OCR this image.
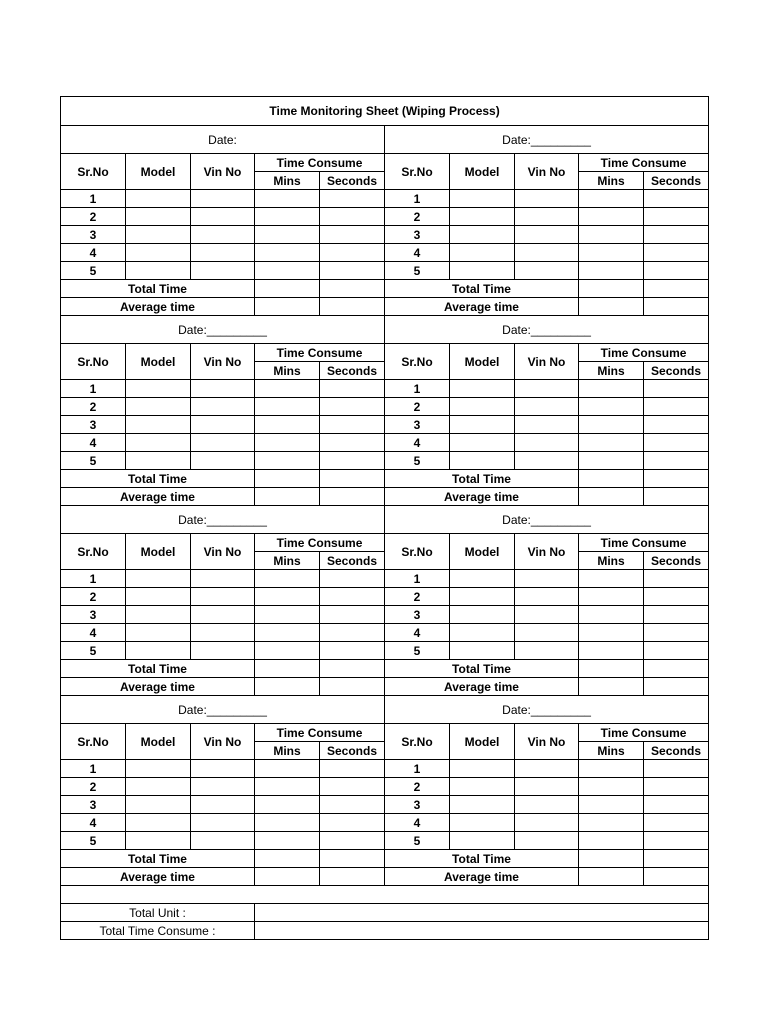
Time Monitoring Sheet (Wiping Process)									
Date:					Date:_________				
Sr.No	Model	Vin No	Time Consume		Sr.No	Model	Vin No	Time Consume	
			Mins	Seconds				Mins	Seconds
1					1				
2					2				
3					3				
4					4				
5					5				
Total Time					Total Time				
Average time					Average time				
Date:_________					Date:_________				
Sr.No	Model	Vin No	Time Consume		Sr.No	Model	Vin No	Time Consume	
			Mins	Seconds				Mins	Seconds
1					1				
2					2				
3					3				
4					4				
5					5				
Total Time					Total Time				
Average time					Average time				
Date:_________					Date:_________				
Sr.No	Model	Vin No	Time Consume		Sr.No	Model	Vin No	Time Consume	
			Mins	Seconds				Mins	Seconds
1					1				
2					2				
3					3				
4					4				
5					5				
Total Time					Total Time				
Average time					Average time				
Date:_________					Date:_________				
Sr.No	Model	Vin No	Time Consume		Sr.No	Model	Vin No	Time Consume	
			Mins	Seconds				Mins	Seconds
1					1				
2					2				
3					3				
4					4				
5					5				
Total Time					Total Time				
Average time					Average time				

Total Unit :									
Total Time Consume :									
